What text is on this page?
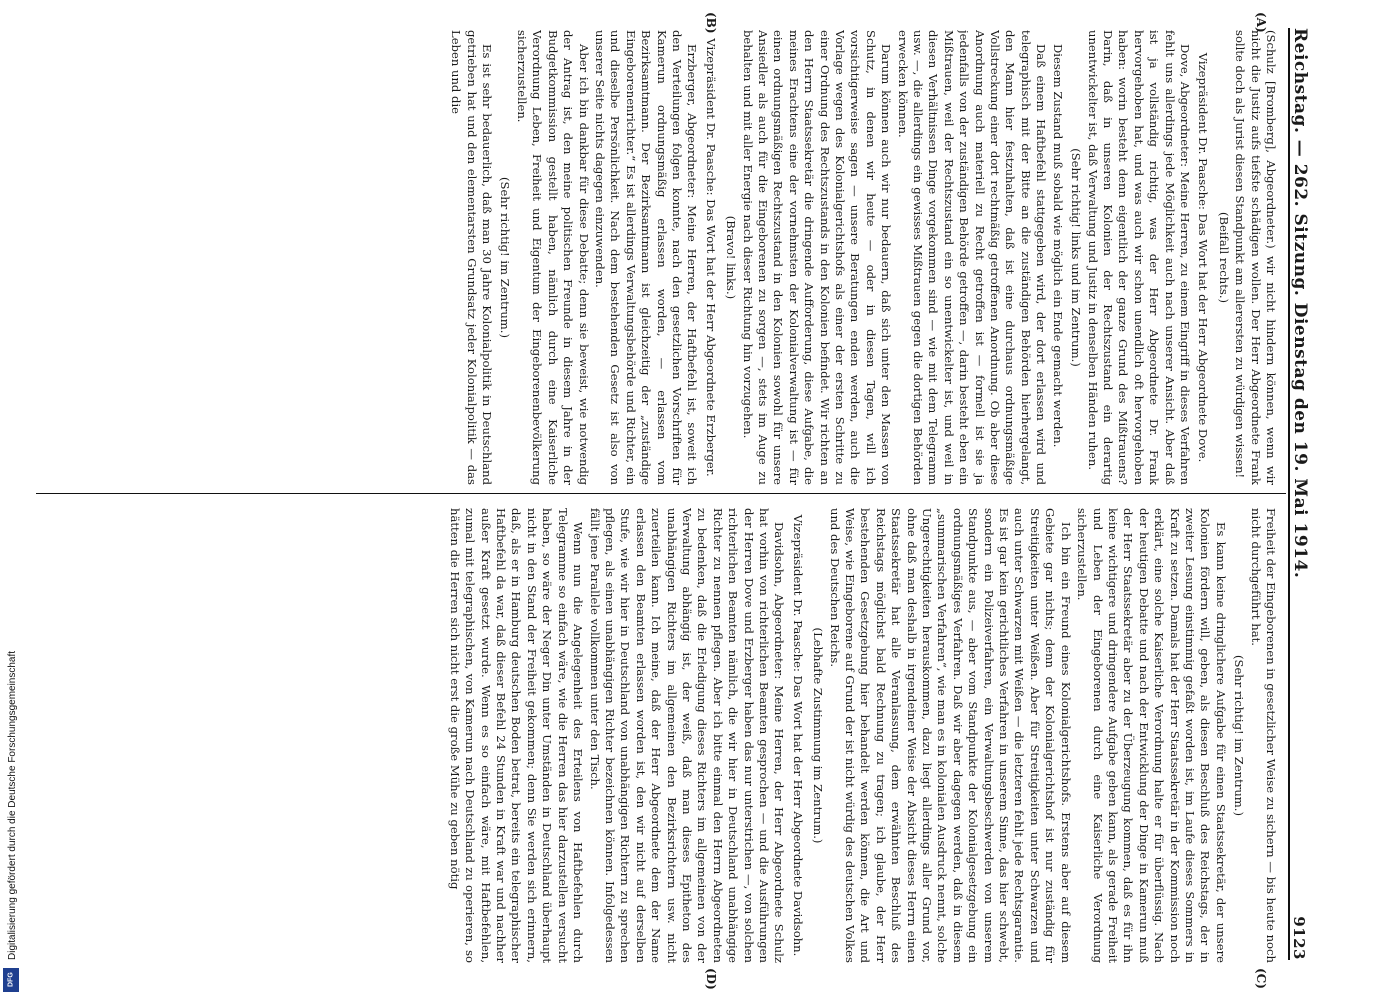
Reichstag. — 262. Sitzung. Dienstag den 19. Mai 1914.
9123
(A)
(B)
(C)
(D)

(Schulz [Bromberg], Abgeordneter.) wir nicht hindern können, wenn wir nicht die Justiz aufs tiefste schädigen wollen. Der Herr Abgeordnete Frank sollte doch als Jurist diesen Standpunkt am allerersten zu würdigen wissen!

(Beifall rechts.)

Vizepräsident Dr. Paasche: Das Wort hat der Herr Abgeordnete Dove.

Dove, Abgeordneter: Meine Herren, zu einem Eingriff in dieses Verfahren fehlt uns allerdings jede Möglichkeit auch nach unserer Ansicht. Aber daß ist ja vollständig richtig, was der Herr Abgeordnete Dr. Frank hervorgehoben hat, und was auch wir schon unendlich oft hervorgehoben haben: worin besteht denn eigentlich der ganze Grund des Mißtrauens? Darin, daß in unseren Kolonien der Rechtszustand ein derartig unentwickelter ist, daß Verwaltung und Justiz in denselben Händen ruhen.

(Sehr richtig! links und im Zentrum.)

Diesem Zustand muß sobald wie möglich ein Ende gemacht werden.

Daß einem Haftbefehl stattgegeben wird, der dort erlassen wird und telegraphisch mit der Bitte an die zuständigen Behörden hierhergelangt, den Mann hier festzuhalten, daß ist eine durchaus ordnungsmäßige Vollstreckung einer dort rechtmäßig getroffenen Anordnung. Ob aber diese Anordnung auch materiell zu Recht getroffen ist — formell ist sie ja jedenfalls von der zuständigen Behörde getroffen —, darin besteht eben ein Mißtrauen, weil der Rechtszustand ein so unentwickelter ist, und weil in diesen Verhältnissen Dinge vorgekommen sind — wie mit dem Telegramm usw. —, die allerdings ein gewisses Mißtrauen gegen die dortigen Behörden erwecken können.

Darum können auch wir nur bedauern, daß sich unter den Massen von Schutz, in denen wir heute — oder in diesen Tagen, will ich vorsichtigerweise sagen — unsere Beratungen enden werden, auch die Vorlage wegen des Kolonialgerichtshofs als einer der ersten Schritte zu einer Ordnung des Rechtszustands in den Kolonien befindet. Wir richten an den Herrn Staatssekretär die dringende Aufforderung, diese Aufgabe, die meines Erachtens eine der vornehmsten der Kolonialverwaltung ist — für einen ordnungsmäßigen Rechtszustand in den Kolonien sowohl für unsere Ansiedler als auch für die Eingeborenen zu sorgen —, stets im Auge zu behalten und mit aller Energie nach dieser Richtung hin vorzugehen.

(Bravo! links.)

Vizepräsident Dr. Paasche: Das Wort hat der Herr Abgeordnete Erzberger.

Erzberger, Abgeordneter: Meine Herren, der Haftbefehl ist, soweit ich den Verteilungen folgen konnte, nach den gesetzlichen Vorschriften für Kamerun ordnungsmäßig erlassen worden, — erlassen vom Bezirksamtmann. Der Bezirksamtmann ist gleichzeitig der „zuständige Eingeborenenrichter.“ Es ist allerdings Verwaltungsbehörde und Richter, ein und dieselbe Persönlichkeit. Nach dem bestehenden Gesetz ist also von unserer Seite nichts dagegen einzuwenden.

Aber ich bin dankbar für diese Debatte; denn sie beweist, wie notwendig der Antrag ist, den meine politischen Freunde in diesem Jahre in der Budgetkommission gestellt haben, nämlich durch eine Kaiserliche Verordnung Leben, Freiheit und Eigentum der Eingeborenenbevölkerung sicherzustellen.

(Sehr richtig! im Zentrum.)

Es ist sehr bedauerlich, daß man 30 Jahre Kolonialpolitik in Deutschland getrieben hat und den elementarsten Grundsatz jeder Kolonialpolitik — das Leben und die

Freiheit der Eingeborenen in gesetzlicher Weise zu sichern — bis heute noch nicht durchgeführt hat.

(Sehr richtig! im Zentrum.)

Es kann keine dringlichere Aufgabe für einen Staatssekretär, der unsere Kolonien fördern will, geben, als diesen Beschluß des Reichstags, der in zweiter Lesung einstimmig gefaßt worden ist, im Laufe dieses Sommers in Kraft zu setzen. Damals hat der Herr Staatssekretär in der Kommission noch erklärt, eine solche Kaiserliche Verordnung halte er für überflüssig. Nach der heutigen Debatte und nach der Entwicklung der Dinge in Kamerun muß der Herr Staatssekretär aber zu der Überzeugung kommen, daß es für ihn keine wichtigere und dringendere Aufgabe geben kann, als gerade Freiheit und Leben der Eingeborenen durch eine Kaiserliche Verordnung sicherzustellen.

Ich bin ein Freund eines Kolonialgerichtshofs. Erstens aber auf diesem Gebiete gar nichts; denn der Kolonialgerichtshof ist nur zuständig für Streitigkeiten unter Weißen. Aber für Streitigkeiten unter Schwarzen und auch unter Schwarzen mit Weißen — die letzteren fehlt jede Rechtsgarantie. Es ist gar kein gerichtliches Verfahren in unserem Sinne, das hier schwebt, sondern ein Polizeiverfahren, ein Verwaltungsbeschwerden von unserem Standpunkte aus, — aber vom Standpunkte der Kolonialgesetzgebung ein ordnungsmäßiges Verfahren. Daß wir aber dagegen werden, daß in diesem „summarischen Verfahren“, wie man es in kolonialen Ausdruck nennt, solche Ungerechtigkeiten herauskommen, dazu liegt allerdings aller Grund vor, ohne daß man deshalb in irgendeiner Weise der Absicht dieses Herrn einen Staatssekretär hat alle Veranlassung, dem erwähnten Beschluß des Reichstags möglichst bald Rechnung zu tragen; ich glaube, der Herr bestehenden Gesetzgebung hier behandelt werden können, die Art und Weise, wie Eingeborene auf Grund der ist nicht würdig des deutschen Volkes und des Deutschen Reichs.

(Lebhafte Zustimmung im Zentrum.)

Vizepräsident Dr. Paasche: Das Wort hat der Herr Abgeordnete Davidsohn.

Davidsohn, Abgeordneter: Meine Herren, der Herr Abgeordnete Schulz hat vorhin von richterlichen Beamten gesprochen — und die Ausführungen der Herren Dove und Erzberger haben das nur unterstrichen —, von solchen richterlichen Beamten nämlich, die wir hier in Deutschland unabhängige Richter zu nennen pflegen. Aber ich bitte einmal den Herrn Abgeordneten zu bedenken, daß die Erledigung dieses Richters im allgemeinen von der Verwaltung abhängig ist, der weiß, daß man dieses Epitheton des unabhängigen Richters im allgemeinen den Bezirksrichtern usw. nicht zuerteilen kann. Ich meine, daß der Herr Abgeordnete dem der Name erlassen den Beamten erlassen worden ist, den wir nicht auf derselben Stufe, wie wir hier in Deutschland von unabhängigen Richtern zu sprechen pflegen, als einen unabhängigen Richter bezeichnen können. Infolgedessen fällt jene Parallele vollkommen unter den Tisch.

Wenn nun die Angelegenheit des Erteilens von Haftbefehlen durch Telegramme so einfach wäre, wie die Herren das hier darzustellen versucht haben, so wäre der Neger Din unter Umständen in Deutschland überhaupt nicht in den Stand der Freiheit gekommen; denn Sie werden sich erinnern, daß, als er in Hamburg deutschen Boden betrat, bereits ein telegraphischer Haftbefehl da war, daß dieser Befehl 24 Stunden in Kraft war und nachher außer Kraft gesetzt wurde. Wenn es so einfach wäre, mit Haftbefehlen, zumal mit telegraphischen, von Kamerun nach Deutschland zu operieren, so hätten die Herren sich nicht erst die große Mühe zu geben nötig

Digitalisierung gefördert durch die Deutsche Forschungsgemeinschaft
DFG
